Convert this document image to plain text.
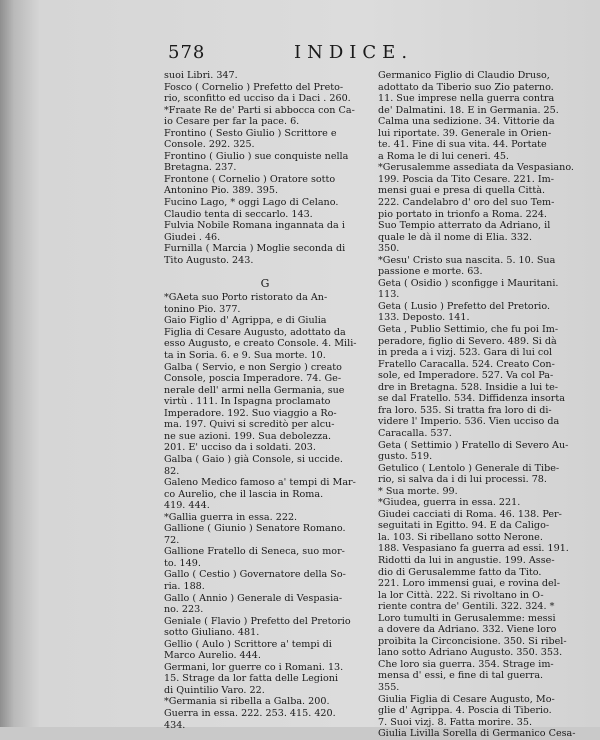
578	INDICE.
suoi Libri. 347.
Fosco ( Cornelio ) Prefetto del Preto-
rio, sconfitto ed ucciso da i Daci . 260.
*Fraate Re de' Parti si abbocca con Ca-
io Cesare per far la pace. 6.
Frontino ( Sesto Giulio ) Scrittore e
Console. 292. 325.
Frontino ( Giulio ) sue conquiste nella
Bretagna. 237.
Frontone ( Cornelio ) Oratore sotto
Antonino Pio. 389. 395.
Fucino Lago, * oggi Lago di Celano.
Claudio tenta di seccarlo. 143.
Fulvia Nobile Romana ingannata da i
Giudei . 46.
Furnilla ( Marcia ) Moglie seconda di
Tito Augusto. 243.
G
*GAeta suo Porto ristorato da An-
tonino Pio. 377.
Gaio Figlio d' Agrippa, e di Giulia
Figlia di Cesare Augusto, adottato da
esso Augusto, e creato Console. 4. Mili-
ta in Soria. 6. e 9. Sua morte. 10.
Galba ( Servio, e non Sergio ) creato
Console, poscia Imperadore. 74. Ge-
nerale dell' armi nella Germania, sue
virtù . 111. In Ispagna proclamato
Imperadore. 192. Suo viaggio a Ro-
ma. 197. Quivi si screditò per alcu-
ne sue azioni. 199. Sua debolezza.
201. E' ucciso da i soldati. 203.
Galba ( Gaio ) già Console, si uccide.
82.
Galeno Medico famoso a' tempi di Mar-
co Aurelio, che il lascia in Roma.
419. 444.
*Gallia guerra in essa. 222.
Gallione ( Giunio ) Senatore Romano.
72.
Gallione Fratello di Seneca, suo mor-
to. 149.
Gallo ( Cestio ) Governatore della So-
ria. 188.
Gallo ( Annio ) Generale di Vespasia-
no. 223.
Geniale ( Flavio ) Prefetto del Pretorio
sotto Giuliano. 481.
Gellio ( Aulo ) Scrittore a' tempi di
Marco Aurelio. 444.
Germani, lor guerre co i Romani. 13.
15. Strage da lor fatta delle Legioni
di Quintilio Varo. 22.
*Germania si ribella a Galba. 200.
Guerra in essa. 222. 253. 415. 420.
434.
Germanico Figlio di Claudio Druso,
adottato da Tiberio suo Zio paterno.
11. Sue imprese nella guerra contra
de' Dalmatini. 18. E in Germania. 25.
Calma una sedizione. 34. Vittorie da
lui riportate. 39. Generale in Orien-
te. 41. Fine di sua vita. 44. Portate
a Roma le di lui ceneri. 45.
*Gerusalemme assediata da Vespasiano.
199. Poscia da Tito Cesare. 221. Im-
mensi guai e presa di quella Città.
222. Candelabro d' oro del suo Tem-
pio portato in trionfo a Roma. 224.
Suo Tempio atterrato da Adriano, il
quale le dà il nome di Elia. 332.
350.
*Gesu' Cristo sua nascita. 5. 10. Sua
passione e morte. 63.
Geta ( Osidio ) sconfigge i Mauritani.
113.
Geta ( Lusio ) Prefetto del Pretorio.
133. Deposto. 141.
Geta , Publio Settimio, che fu poi Im-
peradore, figlio di Severo. 489. Si dà
in preda a i vizj. 523. Gara di lui col
Fratello Caracalla. 524. Creato Con-
sole, ed Imperadore. 527. Va col Pa-
dre in Bretagna. 528. Insidie a lui te-
se dal Fratello. 534. Diffidenza insorta
fra loro. 535. Si tratta fra loro di di-
videre l' Imperio. 536. Vien ucciso da
Caracalla. 537.
Geta ( Settimio ) Fratello di Severo Au-
gusto. 519.
Getulico ( Lentolo ) Generale di Tibe-
rio, si salva da i di lui processi. 78.
* Sua morte. 99.
*Giudea, guerra in essa. 221.
Giudei cacciati di Roma. 46. 138. Per-
seguitati in Egitto. 94. E da Caligo-
la. 103. Si ribellano sotto Nerone.
188. Vespasiano fa guerra ad essi. 191.
Ridotti da lui in angustie. 199. Asse-
dio di Gerusalemme fatto da Tito.
221. Loro immensi guai, e rovina del-
la lor Città. 222. Si rivoltano in O-
riente contra de' Gentili. 322. 324. *
Loro tumulti in Gerusalemme: messi
a dovere da Adriano. 332. Viene loro
proibita la Circoncisione. 350. Si ribel-
lano sotto Adriano Augusto. 350. 353.
Che loro sia guerra. 354. Strage im-
mensa d' essi, e fine di tal guerra.
355.
Giulia Figlia di Cesare Augusto, Mo-
glie d' Agrippa. 4. Poscia di Tiberio.
7. Suoi vizj. 8. Fatta morire. 35.
Giulia Livilla Sorella di Germanico Cesa-
